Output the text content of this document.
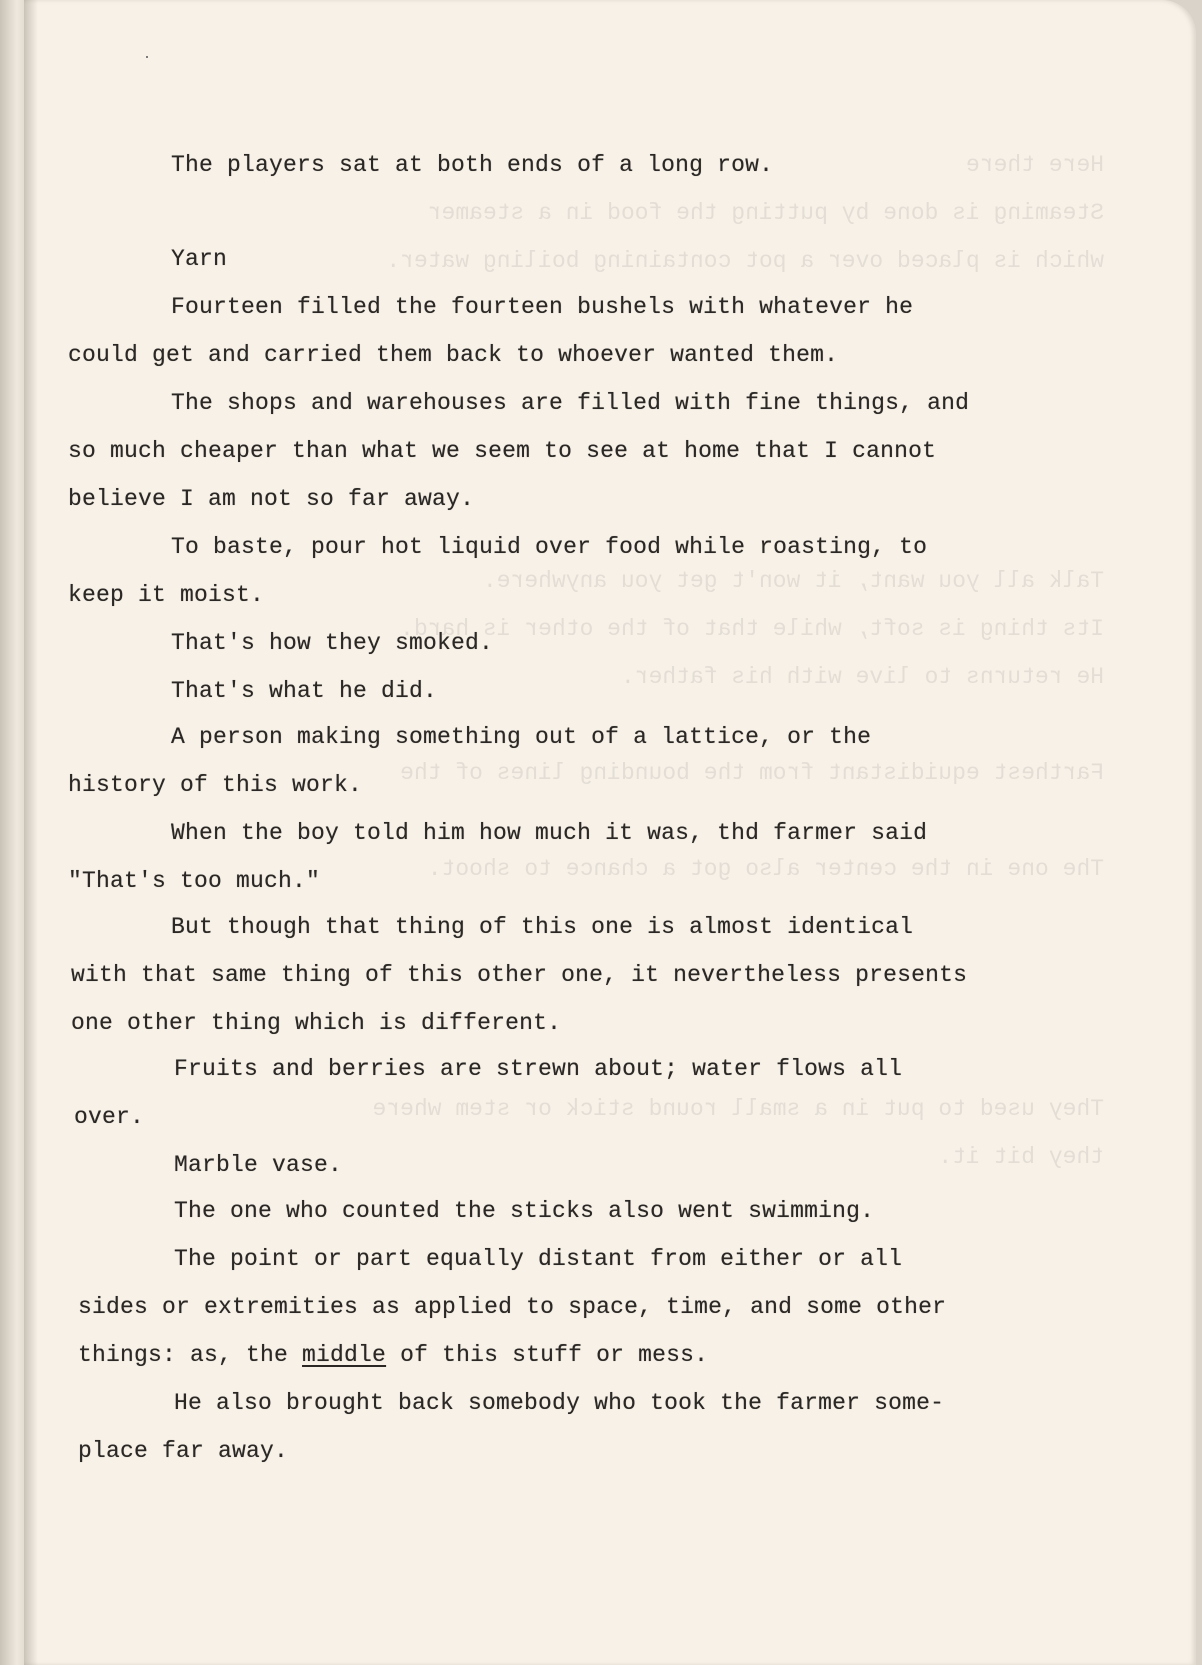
Here there
Steaming is done by putting the food in a steamer
which is placed over a pot containing boiling water.
Talk all you want, it won't get you anywhere.
Its thing is soft, while that of the other is hard.
He returns to live with his father.
Farthest equidistant from the bounding lines of the
The one in the center also got a chance to shoot.
They used to put in a small round stick or stem where
they bit it.
The players sat at both ends of a long row.
Yarn
Fourteen filled the fourteen bushels with whatever he
could get and carried them back to whoever wanted them.
The shops and warehouses are filled with fine things, and
so much cheaper than what we seem to see at home that I cannot
believe I am not so far away.
To baste, pour hot liquid over food while roasting, to
keep it moist.
That's how they smoked.
That's what he did.
A person making something out of a lattice, or the
history of this work.
When the boy told him how much it was, thd farmer said
"That's too much."
But though that thing of this one is almost identical
with that same thing of this other one, it nevertheless presents
one other thing which is different.
Fruits and berries are strewn about; water flows all
over.
Marble vase.
The one who counted the sticks also went swimming.
The point or part equally distant from either or all
sides or extremities as applied to space, time, and some other
things: as, the middle of this stuff or mess.
He also brought back somebody who took the farmer some-
place far away.
